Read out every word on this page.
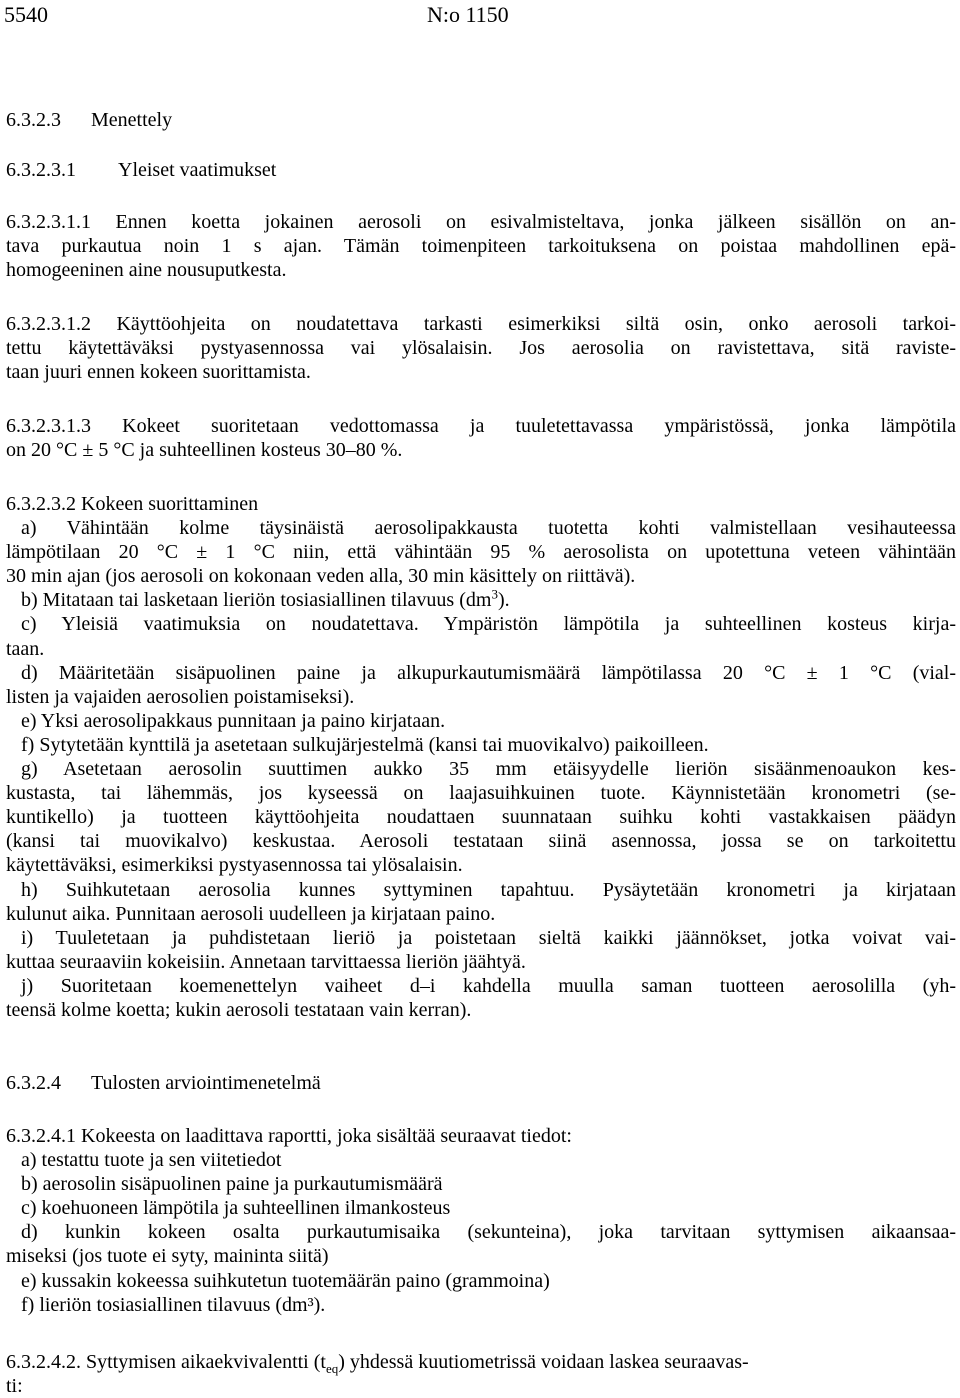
5540	N:o 1150
6.3.2.3 Menettely
6.3.2.3.1 Yleiset vaatimukset
6.3.2.3.1.1 Ennen koetta jokainen aerosoli on esivalmisteltava, jonka jälkeen sisällön on an-
tava purkautua noin 1 s ajan. Tämän toimenpiteen tarkoituksena on poistaa mahdollinen epä-
homogeeninen aine nousuputkesta.
6.3.2.3.1.2 Käyttöohjeita on noudatettava tarkasti esimerkiksi siltä osin, onko aerosoli tarkoi-
tettu käytettäväksi pystyasennossa vai ylösalaisin. Jos aerosolia on ravistettava, sitä raviste-
taan juuri ennen kokeen suorittamista.
6.3.2.3.1.3 Kokeet suoritetaan vedottomassa ja tuuletettavassa ympäristössä, jonka lämpötila
on 20 °C ± 5 °C ja suhteellinen kosteus 30–80 %.
6.3.2.3.2 Kokeen suorittaminen
a) Vähintään kolme täysinäistä aerosolipakkausta tuotetta kohti valmistellaan vesihauteessa
lämpötilaan 20 °C ± 1 °C niin, että vähintään 95 % aerosolista on upotettuna veteen vähintään
30 min ajan (jos aerosoli on kokonaan veden alla, 30 min käsittely on riittävä).
b) Mitataan tai lasketaan lieriön tosiasiallinen tilavuus $(dm^3)$.
c) Yleisiä vaatimuksia on noudatettava. Ympäristön lämpötila ja suhteellinen kosteus kirja-
taan.
d) Määritetään sisäpuolinen paine ja alkupurkautumismäärä lämpötilassa 20 °C ± 1 °C (vial-
listen ja vajaiden aerosolien poistamiseksi).
e) Yksi aerosolipakkaus punnitaan ja paino kirjataan.
f) Sytytetään kynttilä ja asetetaan sulkujärjestelmä (kansi tai muovikalvo) paikoilleen.
g) Asetetaan aerosolin suuttimen aukko 35 mm etäisyydelle lieriön sisäänmenoaukon kes-
kustasta, tai lähemmäs, jos kyseessä on laajasuihkuinen tuote. Käynnistetään kronometri (se-
kuntikello) ja tuotteen käyttöohjeita noudattaen suunnataan suihku kohti vastakkaisen päädyn
(kansi tai muovikalvo) keskustaa. Aerosoli testataan siinä asennossa, jossa se on tarkoitettu
käytettäväksi, esimerkiksi pystyasennossa tai ylösalaisin.
h) Suihkutetaan aerosolia kunnes syttyminen tapahtuu. Pysäytetään kronometri ja kirjataan
kulunut aika. Punnitaan aerosoli uudelleen ja kirjataan paino.
i) Tuuletetaan ja puhdistetaan lieriö ja poistetaan sieltä kaikki jäännökset, jotka voivat vai-
kuttaa seuraaviin kokeisiin. Annetaan tarvittaessa lieriön jäähtyä.
j) Suoritetaan koemenettelyn vaiheet d–i kahdella muulla saman tuotteen aerosolilla (yh-
teensä kolme koetta; kukin aerosoli testataan vain kerran).
6.3.2.4 Tulosten arviointimenetelmä
6.3.2.4.1 Kokeesta on laadittava raportti, joka sisältää seuraavat tiedot:
a) testattu tuote ja sen viitetiedot
b) aerosolin sisäpuolinen paine ja purkautumismäärä
c) koehuoneen lämpötila ja suhteellinen ilmankosteus
d) kunkin kokeen osalta purkautumisaika (sekunteina), joka tarvitaan syttymisen aikaansaa-
miseksi (jos tuote ei syty, maininta siitä)
e) kussakin kokeessa suihkutetun tuotemäärän paino (grammoina)
f) lieriön tosiasiallinen tilavuus (dm³).
6.3.2.4.2. Syttymisen aikaekvivalentti $(t_{eq})$ yhdessä kuutiometrissä voidaan laskea seuraavas-
ti:
